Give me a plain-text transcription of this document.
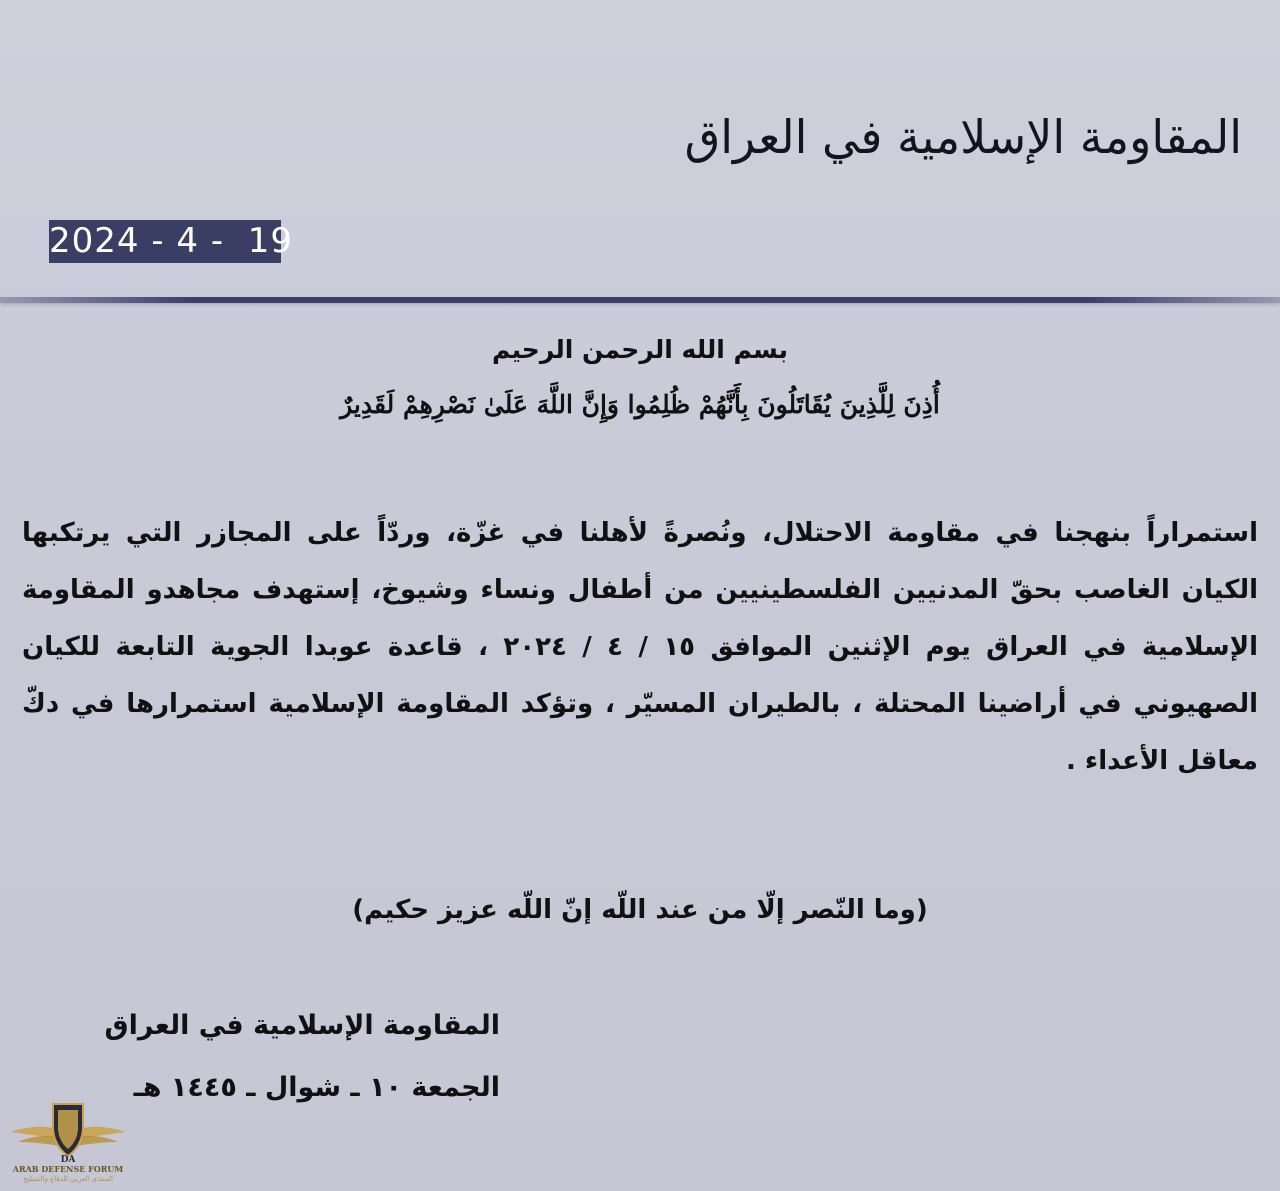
المقاومة الإسلامية في العراق
2024 - 4 -  19
بسم الله الرحمن الرحيم
أُذِنَ لِلَّذِينَ يُقَاتَلُونَ بِأَنَّهُمْ ظُلِمُوا وَإِنَّ اللَّهَ عَلَىٰ نَصْرِهِمْ لَقَدِيرٌ
استمراراً بنهجنا في مقاومة الاحتلال، ونُصرةً لأهلنا في غزّة، وردّاً على المجازر التي يرتكبها الكيان الغاصب بحقّ المدنيين الفلسطينيين من أطفال ونساء وشيوخ، إستهدف مجاهدو المقاومة الإسلامية في العراق يوم الإثنين الموافق ١٥ / ٤ / ٢٠٢٤ ، قاعدة عوبدا الجوية التابعة للكيان الصهيوني في أراضينا المحتلة ، بالطيران المسيّر ، وتؤكد المقاومة الإسلامية استمرارها في دكّ معاقل الأعداء .
(وما النّصر إلّا من عند اللّه إنّ اللّه عزيز حكيم)
المقاومة الإسلامية في العراق
الجمعة ١٠ ـ شوال ـ ١٤٤٥ هـ
DA
ARAB DEFENSE FORUM
المنتدى العربي للدفاع والتسليح
